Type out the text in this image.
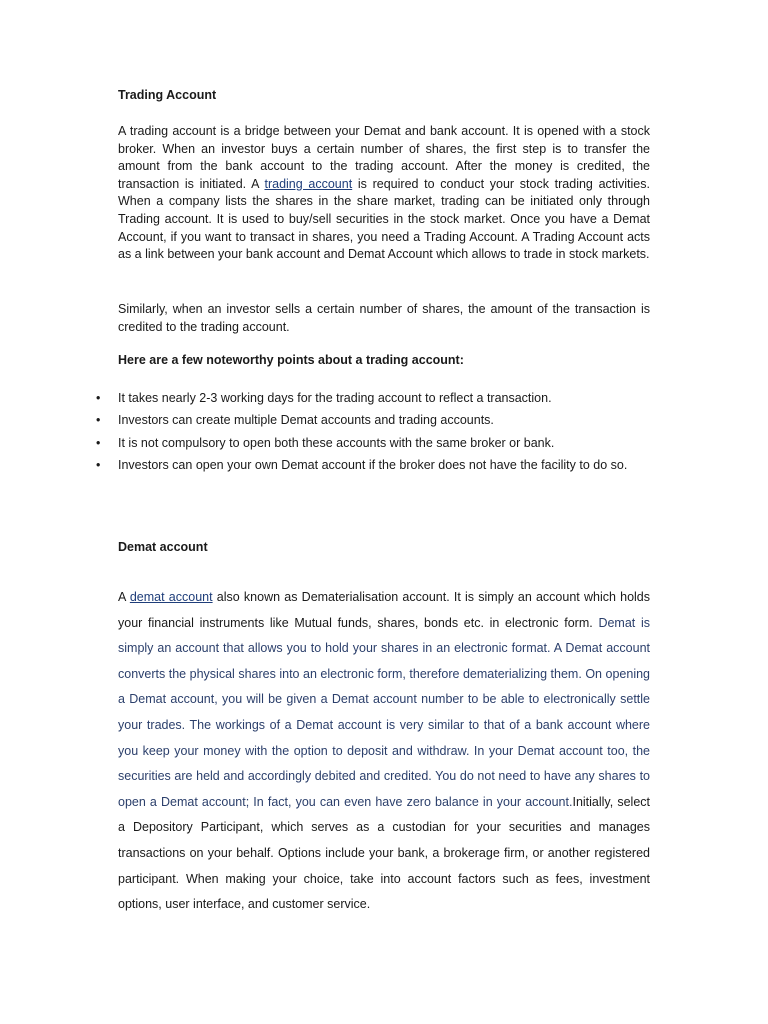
Trading Account

A trading account is a bridge between your Demat and bank account. It is opened with a stock broker. When an investor buys a certain number of shares, the first step is to transfer the amount from the bank account to the trading account. After the money is credited, the transaction is initiated. A trading account is required to conduct your stock trading activities. When a company lists the shares in the share market, trading can be initiated only through Trading account. It is used to buy/sell securities in the stock market. Once you have a Demat Account, if you want to transact in shares, you need a Trading Account. A Trading Account acts as a link between your bank account and Demat Account which allows to trade in stock markets.

Similarly, when an investor sells a certain number of shares, the amount of the transaction is credited to the trading account.

Here are a few noteworthy points about a trading account:

• It takes nearly 2-3 working days for the trading account to reflect a transaction.
• Investors can create multiple Demat accounts and trading accounts.
• It is not compulsory to open both these accounts with the same broker or bank.
• Investors can open your own Demat account if the broker does not have the facility to do so.

Demat account

A demat account also known as Dematerialisation account. It is simply an account which holds your financial instruments like Mutual funds, shares, bonds etc. in electronic form. Demat is simply an account that allows you to hold your shares in an electronic format. A Demat account converts the physical shares into an electronic form, therefore dematerializing them. On opening a Demat account, you will be given a Demat account number to be able to electronically settle your trades. The workings of a Demat account is very similar to that of a bank account where you keep your money with the option to deposit and withdraw. In your Demat account too, the securities are held and accordingly debited and credited. You do not need to have any shares to open a Demat account; In fact, you can even have zero balance in your account.Initially, select a Depository Participant, which serves as a custodian for your securities and manages transactions on your behalf. Options include your bank, a brokerage firm, or another registered participant. When making your choice, take into account factors such as fees, investment options, user interface, and customer service.
